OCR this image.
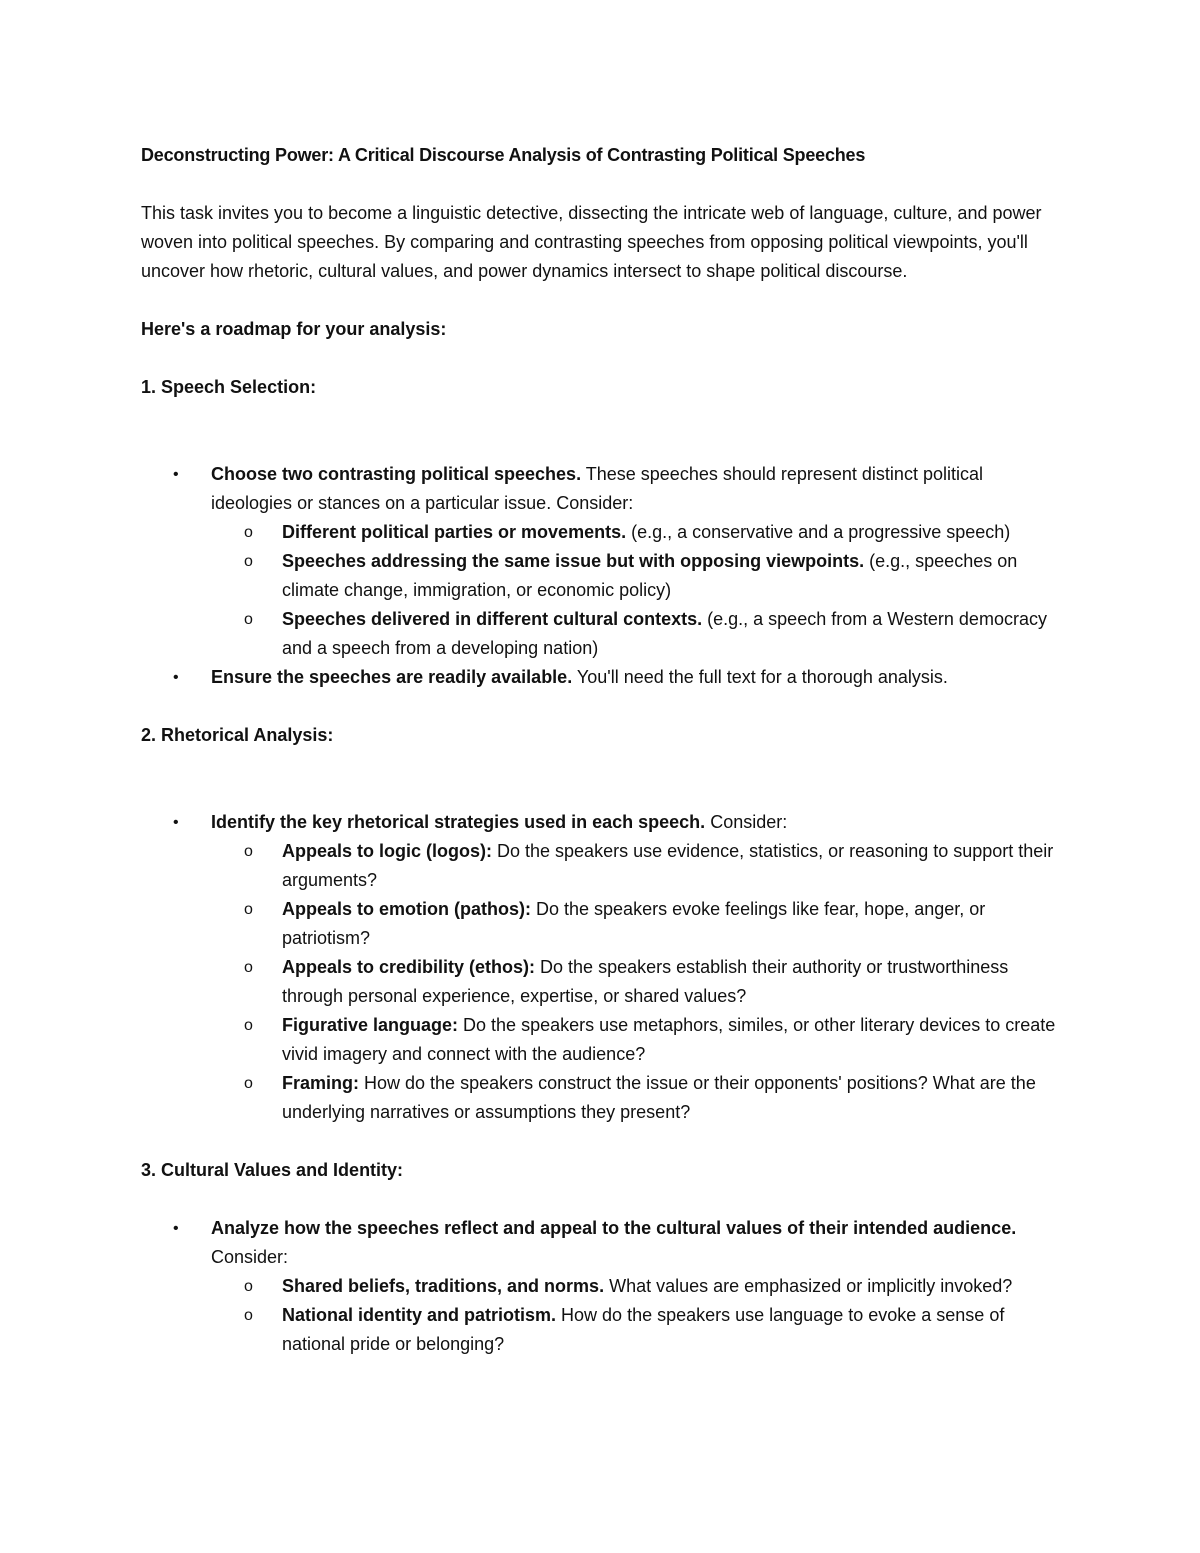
Deconstructing Power: A Critical Discourse Analysis of Contrasting Political Speeches
This task invites you to become a linguistic detective, dissecting the intricate web of language, culture, and power woven into political speeches. By comparing and contrasting speeches from opposing political viewpoints, you'll uncover how rhetoric, cultural values, and power dynamics intersect to shape political discourse.
Here's a roadmap for your analysis:
1. Speech Selection:
• Choose two contrasting political speeches. These speeches should represent distinct political ideologies or stances on a particular issue. Consider:
o Different political parties or movements. (e.g., a conservative and a progressive speech)
o Speeches addressing the same issue but with opposing viewpoints. (e.g., speeches on climate change, immigration, or economic policy)
o Speeches delivered in different cultural contexts. (e.g., a speech from a Western democracy and a speech from a developing nation)
• Ensure the speeches are readily available. You'll need the full text for a thorough analysis.
2. Rhetorical Analysis:
• Identify the key rhetorical strategies used in each speech. Consider:
o Appeals to logic (logos): Do the speakers use evidence, statistics, or reasoning to support their arguments?
o Appeals to emotion (pathos): Do the speakers evoke feelings like fear, hope, anger, or patriotism?
o Appeals to credibility (ethos): Do the speakers establish their authority or trustworthiness through personal experience, expertise, or shared values?
o Figurative language: Do the speakers use metaphors, similes, or other literary devices to create vivid imagery and connect with the audience?
o Framing: How do the speakers construct the issue or their opponents' positions? What are the underlying narratives or assumptions they present?
3. Cultural Values and Identity:
• Analyze how the speeches reflect and appeal to the cultural values of their intended audience. Consider:
o Shared beliefs, traditions, and norms. What values are emphasized or implicitly invoked?
o National identity and patriotism. How do the speakers use language to evoke a sense of national pride or belonging?
